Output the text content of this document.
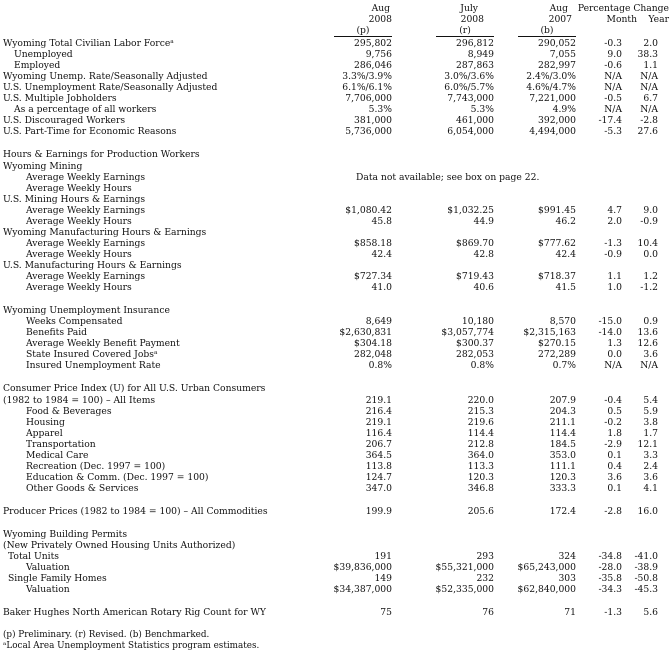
Aug	July	Aug Percentage Change
2008	2008	2007	Month Year
(p)	(r)	(b)
Wyoming Total Civilian Labor Forceᵃ	295,802	296,812	290,052	-0.3 2.0
Unemployed	9,756	8,949	7,055	9.0 38.3
Employed	286,046	287,863	282,997	-0.6 1.1
Wyoming Unemp. Rate/Seasonally Adjusted	3.3%/3.9%	3.0%/3.6%	2.4%/3.0%	N/A N/A
U.S. Unemployment Rate/Seasonally Adjusted	6.1%/6.1%	6.0%/5.7%	4.6%/4.7%	N/A N/A
U.S. Multiple Jobholders	7,706,000	7,743,000	7,221,000	-0.5 6.7
As a percentage of all workers	5.3%	5.3%	4.9%	N/A N/A
U.S. Discouraged Workers	381,000	461,000	392,000 -17.4 -2.8
U.S. Part-Time for Economic Reasons	5,736,000	6,054,000	4,494,000	-5.3 27.6
Hours & Earnings for Production Workers
Wyoming Mining
Average Weekly Earnings	Data not available; see box on page 22.
Average Weekly Hours
U.S. Mining Hours & Earnings
Average Weekly Earnings	$1,080.42	$1,032.25	$991.45	4.7 9.0
Average Weekly Hours	45.8	44.9	46.2	2.0 -0.9
Wyoming Manufacturing Hours & Earnings
Average Weekly Earnings	$858.18	$869.70	$777.62	-1.3 10.4
Average Weekly Hours	42.4	42.8	42.4	-0.9 0.0
U.S. Manufacturing Hours & Earnings
Average Weekly Earnings	$727.34	$719.43	$718.37	1.1 1.2
Average Weekly Hours	41.0	40.6	41.5	1.0 -1.2
Wyoming Unemployment Insurance
Weeks Compensated	8,649	10,180	8,570 -15.0 0.9
Benefits Paid	$2,630,831	$3,057,774	$2,315,163 -14.0 13.6
Average Weekly Benefit Payment	$304.18	$300.37	$270.15	1.3 12.6
State Insured Covered Jobsᵃ	282,048	282,053	272,289	0.0 3.6
Insured Unemployment Rate	0.8%	0.8%	0.7%	N/A N/A
Consumer Price Index (U) for All U.S. Urban Consumers
(1982 to 1984 = 100) – All Items	219.1	220.0	207.9	-0.4 5.4
Food & Beverages	216.4	215.3	204.3	0.5 5.9
Housing	219.1	219.6	211.1	-0.2 3.8
Apparel	116.4	114.4	114.4	1.8 1.7
Transportation	206.7	212.8	184.5	-2.9 12.1
Medical Care	364.5	364.0	353.0	0.1 3.3
Recreation (Dec. 1997 = 100)	113.8	113.3	111.1	0.4 2.4
Education & Comm. (Dec. 1997 = 100)	124.7	120.3	120.3	3.6 3.6
Other Goods & Services	347.0	346.8	333.3	0.1 4.1
Producer Prices (1982 to 1984 = 100) – All Commodities	199.9	205.6	172.4	-2.8 16.0
Wyoming Building Permits
(New Privately Owned Housing Units Authorized)
Total Units	191	293	324 -34.8 -41.0
Valuation	$39,836,000	$55,321,000	$65,243,000 -28.0 -38.9
Single Family Homes	149	232	303 -35.8 -50.8
Valuation	$34,387,000	$52,335,000	$62,840,000 -34.3 -45.3
Baker Hughes North American Rotary Rig Count for WY	75	76	71	-1.3 5.6
(p) Preliminary. (r) Revised. (b) Benchmarked.
ᵃLocal Area Unemployment Statistics program estimates.
